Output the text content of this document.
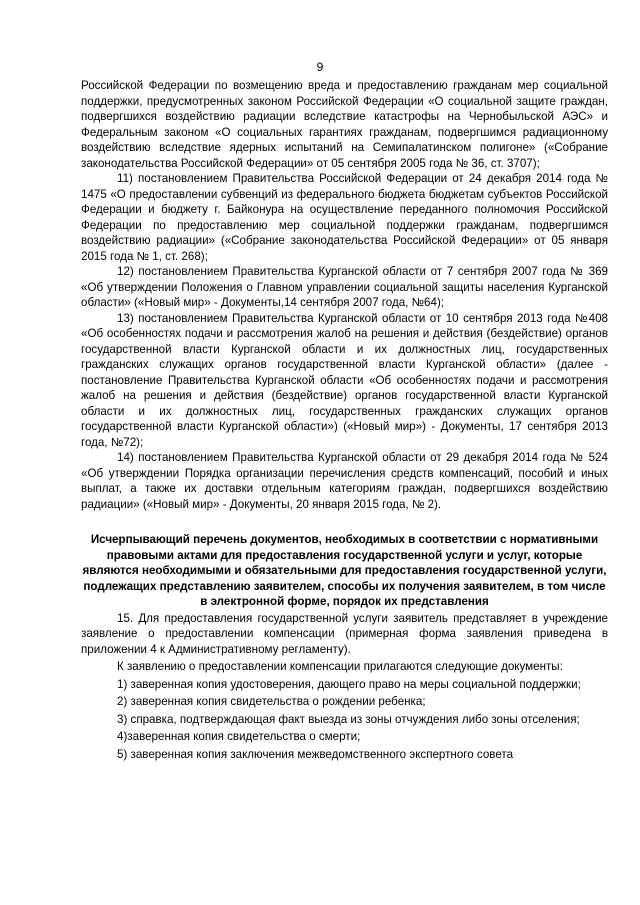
9

Российской Федерации по возмещению вреда и предоставлению гражданам мер социальной поддержки, предусмотренных законом Российской Федерации «О социальной защите граждан, подвергшихся воздействию радиации вследствие катастрофы на Чернобыльской АЭС» и Федеральным законом «О социальных гарантиях гражданам, подвергшимся радиационному воздействию вследствие ядерных испытаний на Семипалатинском полигоне» («Собрание законодательства Российской Федерации» от 05 сентября 2005 года № 36, ст. 3707);

11) постановлением Правительства Российской Федерации от 24 декабря 2014 года № 1475 «О предоставлении субвенций из федерального бюджета бюджетам субъектов Российской Федерации и бюджету г. Байконура на осуществление переданного полномочия Российской Федерации по предоставлению мер социальной поддержки гражданам, подвергшимся воздействию радиации» («Собрание законодательства Российской Федерации» от 05 января 2015 года № 1, ст. 268);

12) постановлением Правительства Курганской области от 7 сентября 2007 года № 369 «Об утверждении Положения о Главном управлении социальной защиты населения Курганской области» («Новый мир» - Документы,14 сентября 2007 года, №64);

13) постановлением Правительства Курганской области от 10 сентября 2013 года №408 «Об особенностях подачи и рассмотрения жалоб на решения и действия (бездействие) органов государственной власти Курганской области и их должностных лиц, государственных гражданских служащих органов государственной власти Курганской области» (далее - постановление Правительства Курганской области «Об особенностях подачи и рассмотрения жалоб на решения и действия (бездействие) органов государственной власти Курганской области и их должностных лиц, государственных гражданских служащих органов государственной власти Курганской области») («Новый мир») - Документы, 17 сентября 2013 года, №72);

14) постановлением Правительства Курганской области от 29 декабря 2014 года № 524 «Об утверждении Порядка организации перечисления средств компенсаций, пособий и иных выплат, а также их доставки отдельным категориям граждан, подвергшихся воздействию радиации» («Новый мир» - Документы, 20 января 2015 года, № 2).

Исчерпывающий перечень документов, необходимых в соответствии с нормативными правовыми актами для предоставления государственной услуги и услуг, которые являются необходимыми и обязательными для предоставления государственной услуги, подлежащих представлению заявителем, способы их получения заявителем, в том числе в электронной форме, порядок их представления

15. Для предоставления государственной услуги заявитель представляет в учреждение заявление о предоставлении компенсации (примерная форма заявления приведена в приложении 4 к Административному регламенту).

К заявлению о предоставлении компенсации прилагаются следующие документы:

1) заверенная копия удостоверения, дающего право на меры социальной поддержки;

2) заверенная копия свидетельства о рождении ребенка;

3) справка, подтверждающая факт выезда из зоны отчуждения либо зоны отселения;

4)заверенная копия свидетельства о смерти;

5) заверенная копия заключения межведомственного экспертного совета
